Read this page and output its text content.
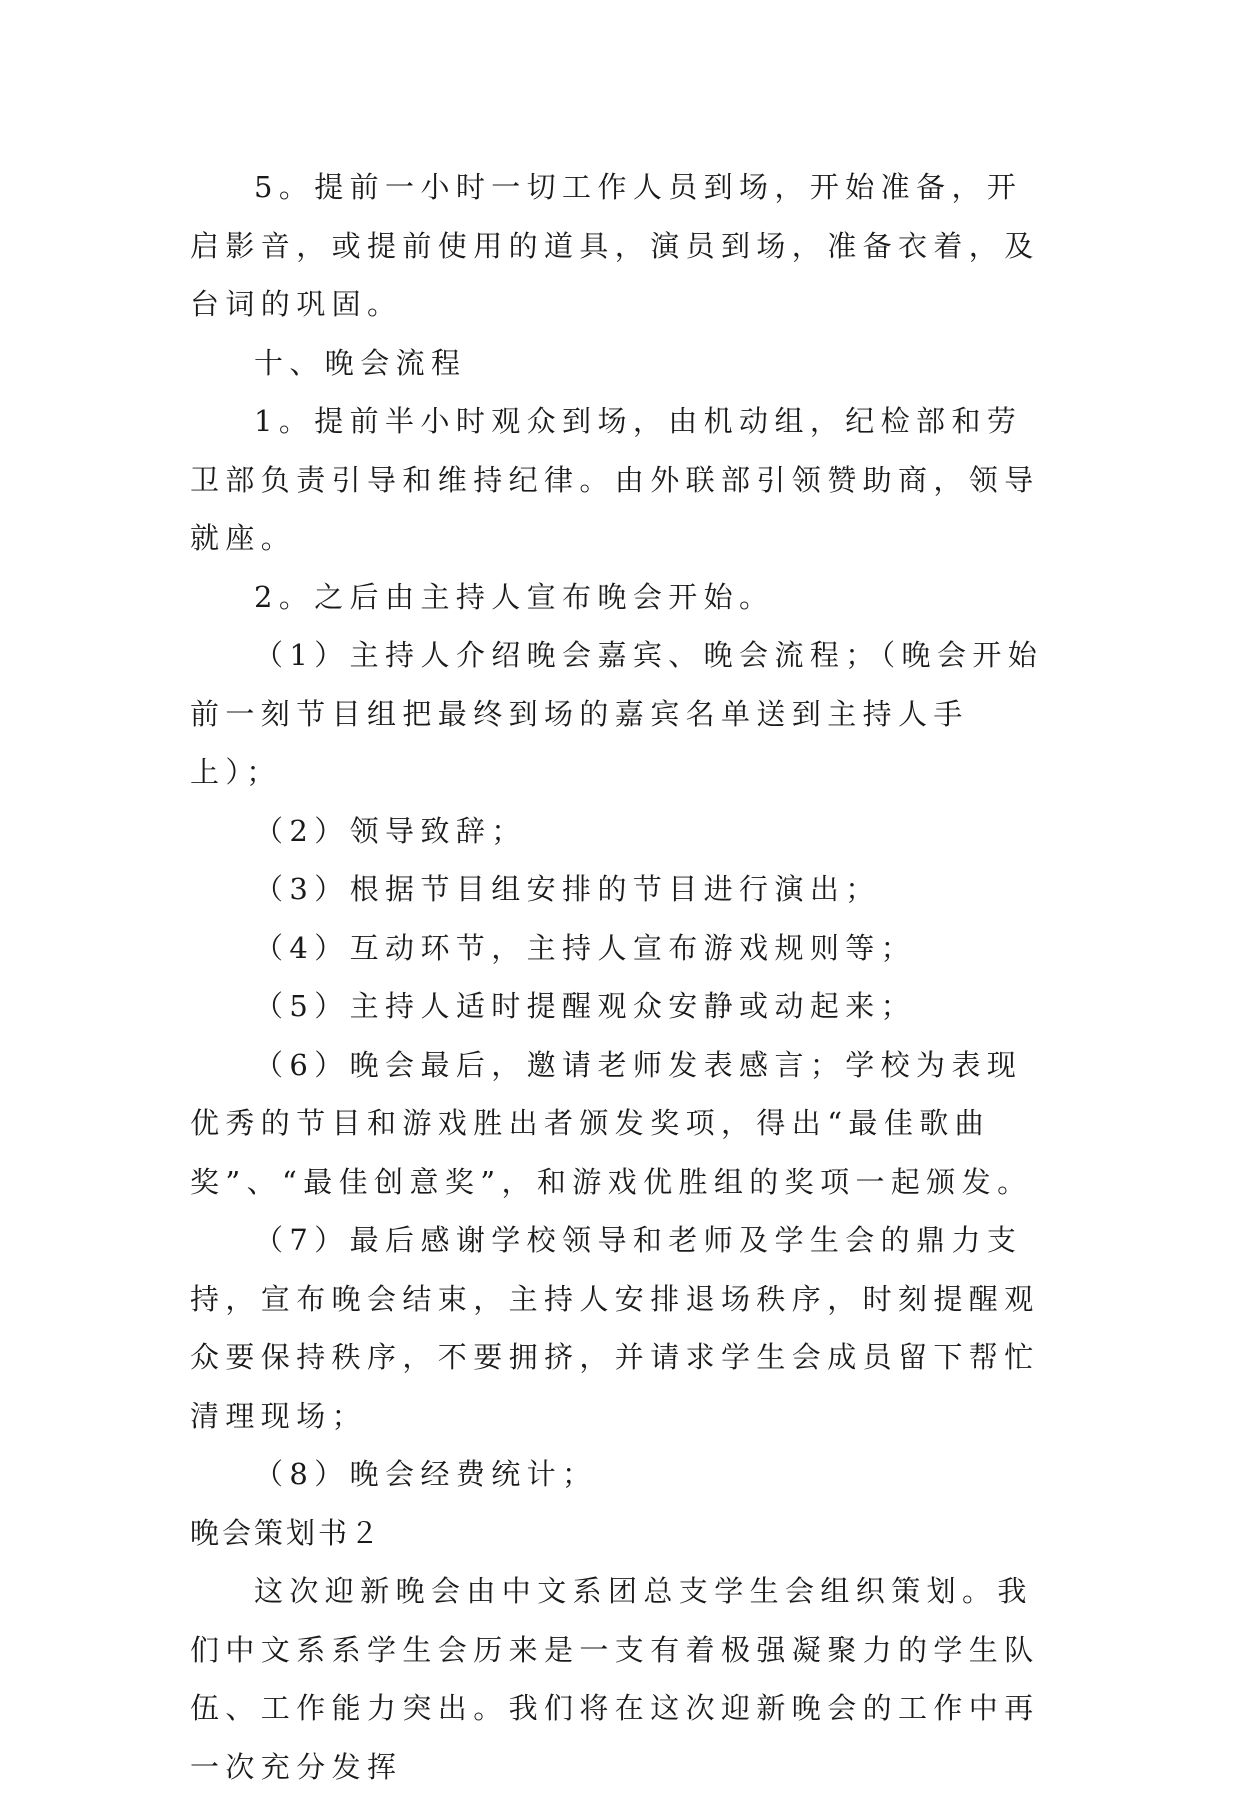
5。提前一小时一切工作人员到场，开始准备，开启影音，或提前使用的道具，演员到场，准备衣着，及台词的巩固。

十、晚会流程

1。提前半小时观众到场，由机动组，纪检部和劳卫部负责引导和维持纪律。由外联部引领赞助商，领导就座。

2。之后由主持人宣布晚会开始。

（1）主持人介绍晚会嘉宾、晚会流程；（晚会开始前一刻节目组把最终到场的嘉宾名单送到主持人手上）；

（2）领导致辞；

（3）根据节目组安排的节目进行演出；

（4）互动环节，主持人宣布游戏规则等；

（5）主持人适时提醒观众安静或动起来；

（6）晚会最后，邀请老师发表感言；学校为表现优秀的节目和游戏胜出者颁发奖项，得出“最佳歌曲奖”、“最佳创意奖”，和游戏优胜组的奖项一起颁发。

（7）最后感谢学校领导和老师及学生会的鼎力支持，宣布晚会结束，主持人安排退场秩序，时刻提醒观众要保持秩序，不要拥挤，并请求学生会成员留下帮忙清理现场；

（8）晚会经费统计；

晚会策划书２

这次迎新晚会由中文系团总支学生会组织策划。我们中文系系学生会历来是一支有着极强凝聚力的学生队伍、工作能力突出。我们将在这次迎新晚会的工作中再一次充分发挥
